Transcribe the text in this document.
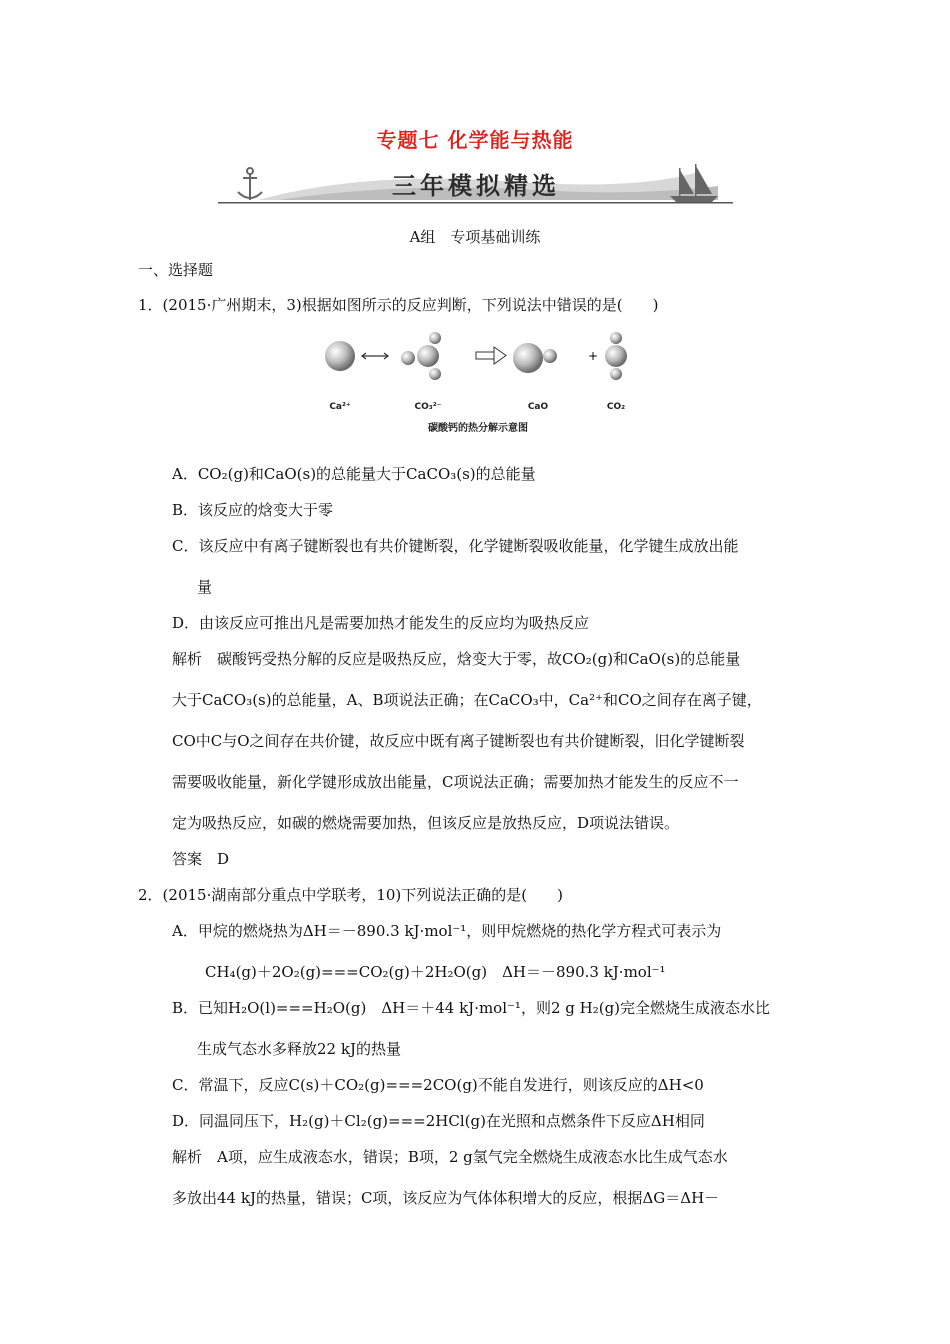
专题七 化学能与热能
三年模拟精选
A组　专项基础训练
一、选择题
1．(2015·广州期末，3)根据如图所示的反应判断，下列说法中错误的是(　　)
+
Ca²⁺	CO₃²⁻	CaO	CO₂
碳酸钙的热分解示意图
A．CO₂(g)和CaO(s)的总能量大于CaCO₃(s)的总能量
B．该反应的焓变大于零
C．该反应中有离子键断裂也有共价键断裂，化学键断裂吸收能量，化学键生成放出能
量
D．由该反应可推出凡是需要加热才能发生的反应均为吸热反应
解析　碳酸钙受热分解的反应是吸热反应，焓变大于零，故CO₂(g)和CaO(s)的总能量
大于CaCO₃(s)的总能量，A、B项说法正确；在CaCO₃中，Ca²⁺和CO之间存在离子键，
CO中C与O之间存在共价键，故反应中既有离子键断裂也有共价键断裂，旧化学键断裂
需要吸收能量，新化学键形成放出能量，C项说法正确；需要加热才能发生的反应不一
定为吸热反应，如碳的燃烧需要加热，但该反应是放热反应，D项说法错误。
答案　D
2．(2015·湖南部分重点中学联考，10)下列说法正确的是(　　)
A．甲烷的燃烧热为ΔH＝－890.3 kJ·mol⁻¹，则甲烷燃烧的热化学方程式可表示为
CH₄(g)＋2O₂(g)===CO₂(g)＋2H₂O(g)　ΔH＝－890.3 kJ·mol⁻¹
B．已知H₂O(l)===H₂O(g)　ΔH＝＋44 kJ·mol⁻¹，则2 g H₂(g)完全燃烧生成液态水比
生成气态水多释放22 kJ的热量
C．常温下，反应C(s)＋CO₂(g)===2CO(g)不能自发进行，则该反应的ΔH<0
D．同温同压下，H₂(g)＋Cl₂(g)===2HCl(g)在光照和点燃条件下反应ΔH相同
解析　A项，应生成液态水，错误；B项，2 g氢气完全燃烧生成液态水比生成气态水
多放出44 kJ的热量，错误；C项，该反应为气体体积增大的反应，根据ΔG＝ΔH－
